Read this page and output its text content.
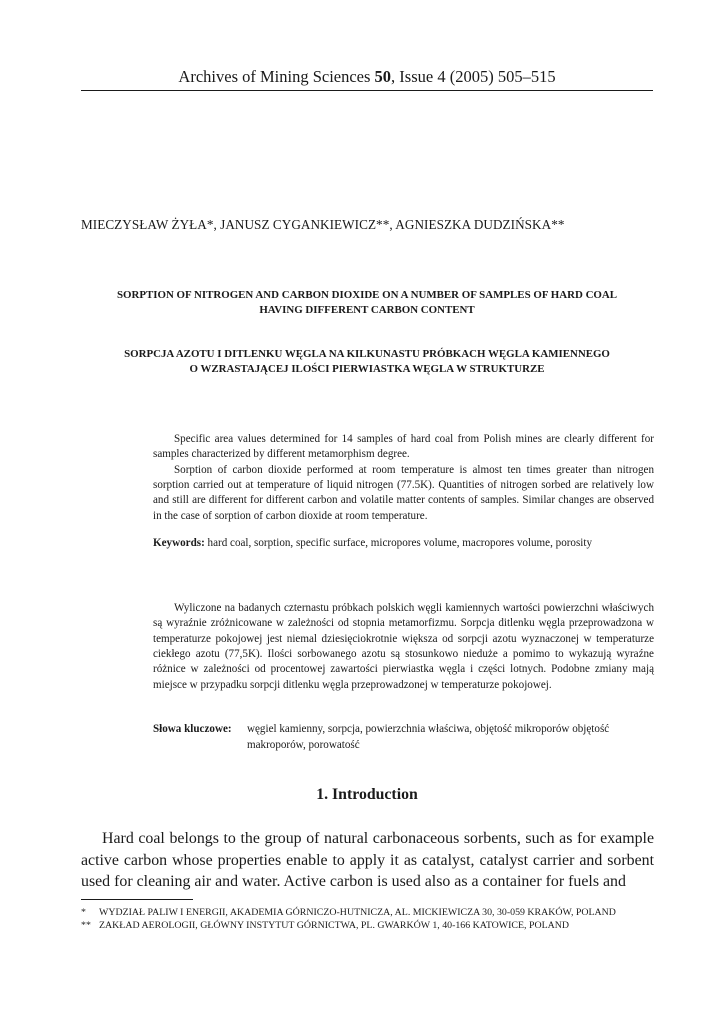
Archives of Mining Sciences 50, Issue 4 (2005) 505–515
MIECZYSŁAW ŻYŁA*, JANUSZ CYGANKIEWICZ**, AGNIESZKA DUDZIŃSKA**
SORPTION OF NITROGEN AND CARBON DIOXIDE ON A NUMBER OF SAMPLES OF HARD COAL
HAVING DIFFERENT CARBON CONTENT
SORPCJA AZOTU I DITLENKU WĘGLA NA KILKUNASTU PRÓBKACH WĘGLA KAMIENNEGO
O WZRASTAJĄCEJ ILOŚCI PIERWIASTKA WĘGLA W STRUKTURZE

Specific area values determined for 14 samples of hard coal from Polish mines are clearly different for samples characterized by different metamorphism degree.

Sorption of carbon dioxide performed at room temperature is almost ten times greater than nitrogen sorption carried out at temperature of liquid nitrogen (77.5K). Quantities of nitrogen sorbed are relatively low and still are different for different carbon and volatile matter contents of samples. Similar changes are observed in the case of sorption of carbon dioxide at room temperature.

Keywords: hard coal, sorption, specific surface, micropores volume, macropores volume, porosity

Wyliczone na badanych czternastu próbkach polskich węgli kamiennych wartości powierzchni właściwych są wyraźnie zróżnicowane w zależności od stopnia metamorfizmu. Sorpcja ditlenku węgla przeprowadzona w temperaturze pokojowej jest niemal dziesięciokrotnie większa od sorpcji azotu wyznaczonej w temperaturze ciekłego azotu (77,5K). Ilości sorbowanego azotu są stosunkowo nieduże a pomimo to wykazują wyraźne różnice w zależności od procentowej zawartości pierwiastka węgla i części lotnych. Podobne zmiany mają miejsce w przypadku sorpcji ditlenku węgla przeprowadzonej w temperaturze pokojowej.

Słowa kluczowe:	węgiel kamienny, sorpcja, powierzchnia właściwa, objętość mikroporów objętość makroporów, porowatość
1. Introduction

Hard coal belongs to the group of natural carbonaceous sorbents, such as for example active carbon whose properties enable to apply it as catalyst, catalyst carrier and sorbent used for cleaning air and water. Active carbon is used also as a container for fuels and

*	WYDZIAŁ PALIW I ENERGII, AKADEMIA GÓRNICZO-HUTNICZA, AL. MICKIEWICZA 30, 30-059 KRAKÓW, POLAND
** ZAKŁAD AEROLOGII, GŁÓWNY INSTYTUT GÓRNICTWA, PL. GWARKÓW 1, 40-166 KATOWICE, POLAND
